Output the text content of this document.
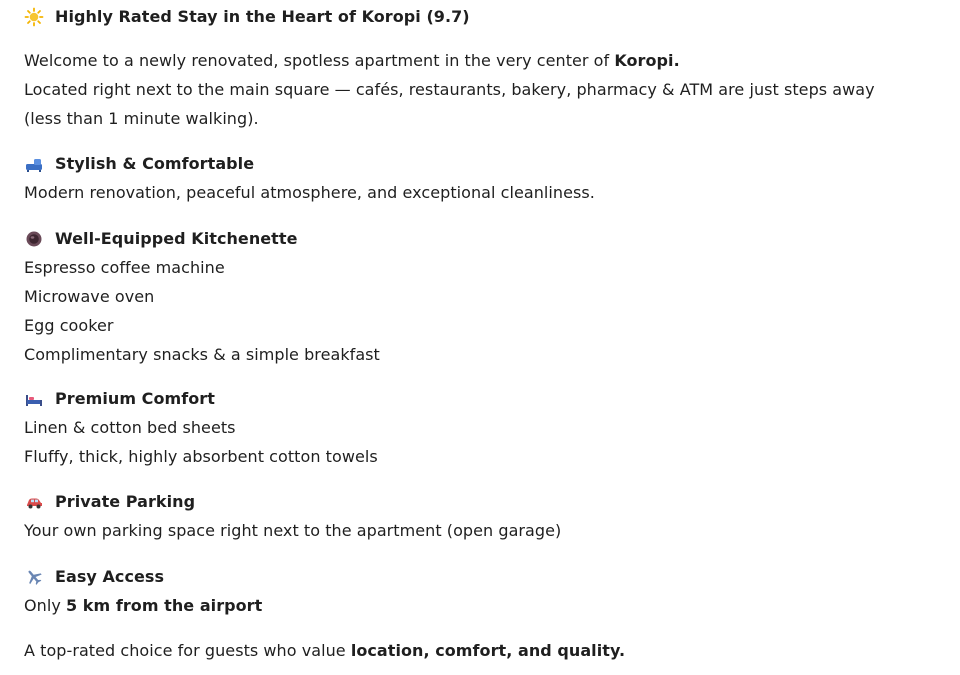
Highly Rated Stay in the Heart of Koropi (9.7)
Welcome to a newly renovated, spotless apartment in the very center of Koropi.
Located right next to the main square — cafés, restaurants, bakery, pharmacy & ATM are just steps away
(less than 1 minute walking).
Stylish & Comfortable
Modern renovation, peaceful atmosphere, and exceptional cleanliness.
Well-Equipped Kitchenette
Espresso coffee machine
Microwave oven
Egg cooker
Complimentary snacks & a simple breakfast
Premium Comfort
Linen & cotton bed sheets
Fluffy, thick, highly absorbent cotton towels
Private Parking
Your own parking space right next to the apartment (open garage)
Easy Access
Only 5 km from the airport
A top-rated choice for guests who value location, comfort, and quality.
